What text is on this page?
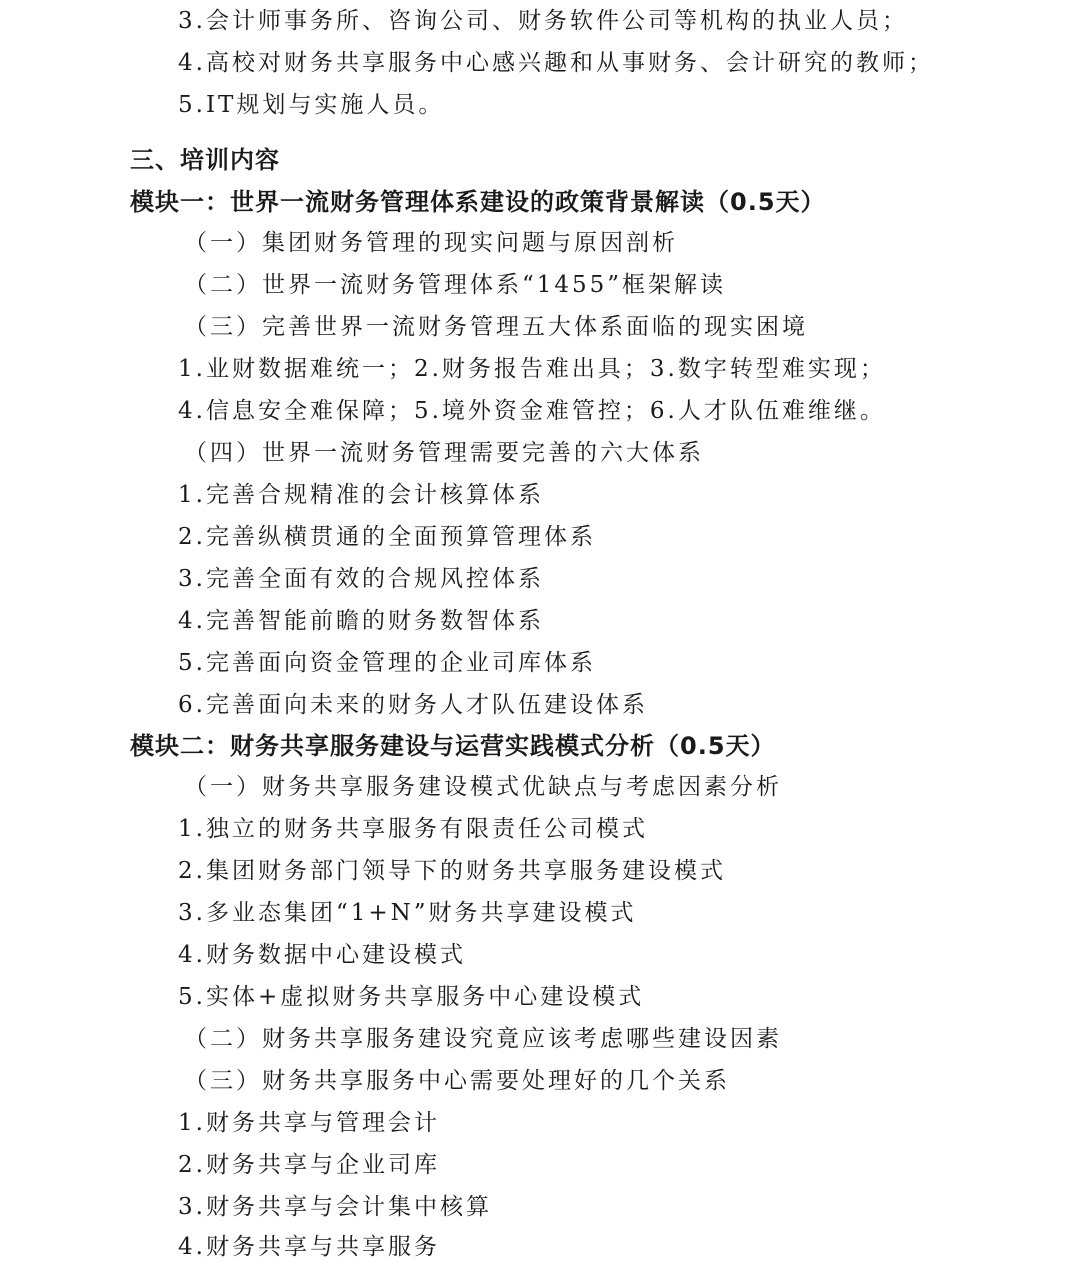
3.会计师事务所、咨询公司、财务软件公司等机构的执业人员；
4.高校对财务共享服务中心感兴趣和从事财务、会计研究的教师；
5.IT规划与实施人员。
三、培训内容
模块一：世界一流财务管理体系建设的政策背景解读（0.5天）
（一）集团财务管理的现实问题与原因剖析
（二）世界一流财务管理体系“1455”框架解读
（三）完善世界一流财务管理五大体系面临的现实困境
1.业财数据难统一；2.财务报告难出具；3.数字转型难实现；
4.信息安全难保障；5.境外资金难管控；6.人才队伍难维继。
（四）世界一流财务管理需要完善的六大体系
1.完善合规精准的会计核算体系
2.完善纵横贯通的全面预算管理体系
3.完善全面有效的合规风控体系
4.完善智能前瞻的财务数智体系
5.完善面向资金管理的企业司库体系
6.完善面向未来的财务人才队伍建设体系
模块二：财务共享服务建设与运营实践模式分析（0.5天）
（一）财务共享服务建设模式优缺点与考虑因素分析
1.独立的财务共享服务有限责任公司模式
2.集团财务部门领导下的财务共享服务建设模式
3.多业态集团“1+N”财务共享建设模式
4.财务数据中心建设模式
5.实体+虚拟财务共享服务中心建设模式
（二）财务共享服务建设究竟应该考虑哪些建设因素
（三）财务共享服务中心需要处理好的几个关系
1.财务共享与管理会计
2.财务共享与企业司库
3.财务共享与会计集中核算
4.财务共享与共享服务
